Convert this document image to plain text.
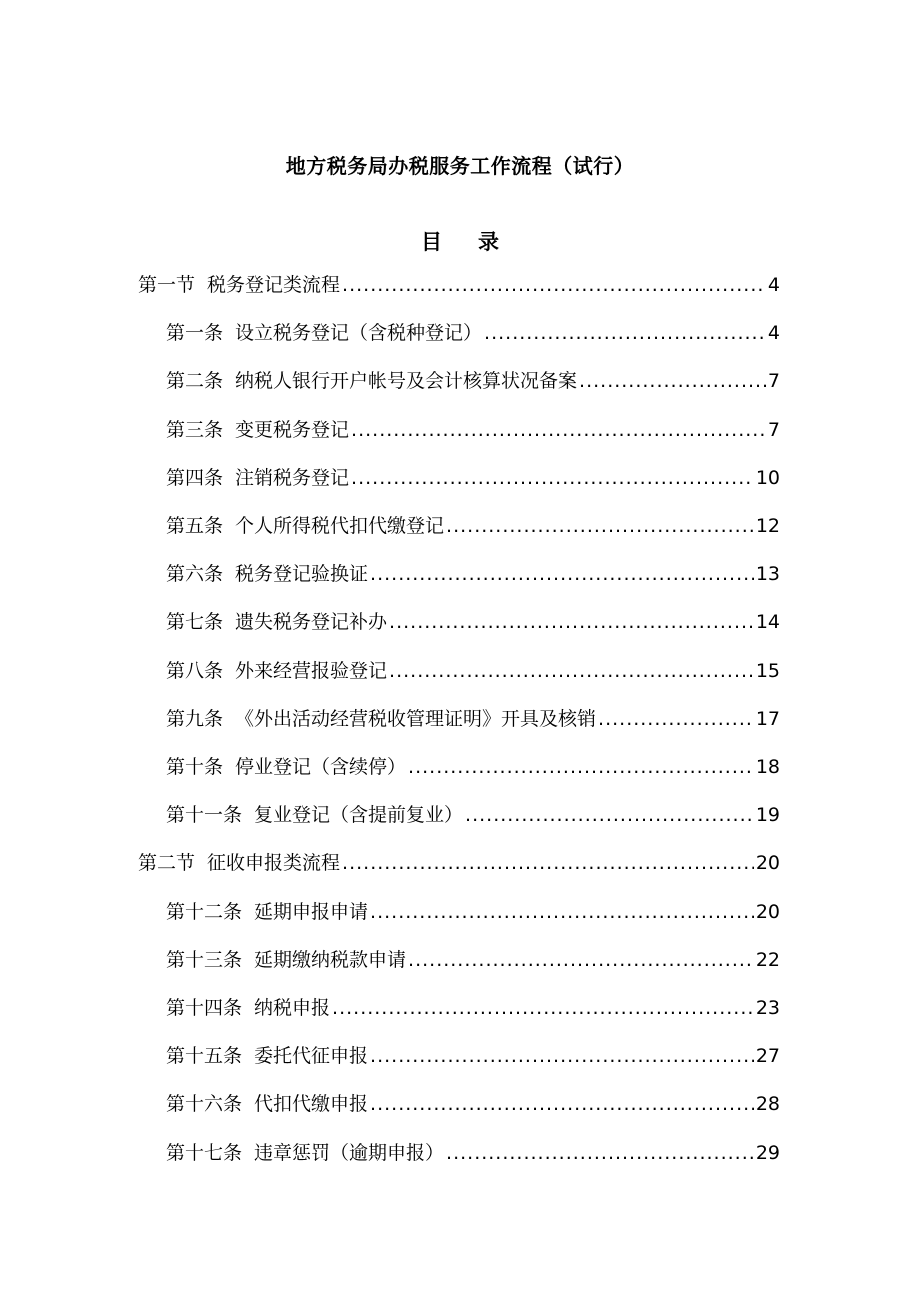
地方税务局办税服务工作流程（试行）
目 录
第一节 税务登记类流程 .....	4
第一条 设立税务登记（含税种登记） .....	4
第二条 纳税人银行开户帐号及会计核算状况备案 .....	7
第三条 变更税务登记 .....	7
第四条 注销税务登记 .....	10
第五条 个人所得税代扣代缴登记 .....	12
第六条 税务登记验换证 .....	13
第七条 遗失税务登记补办 .....	14
第八条 外来经营报验登记 .....	15
第九条 《外出活动经营税收管理证明》开具及核销 .....	17
第十条 停业登记（含续停） .....	18
第十一条 复业登记（含提前复业） .....	19
第二节 征收申报类流程 .....	20
第十二条 延期申报申请 .....	20
第十三条 延期缴纳税款申请 .....	22
第十四条 纳税申报 .....	23
第十五条 委托代征申报 .....	27
第十六条 代扣代缴申报 .....	28
第十七条 违章惩罚（逾期申报） .....	29
